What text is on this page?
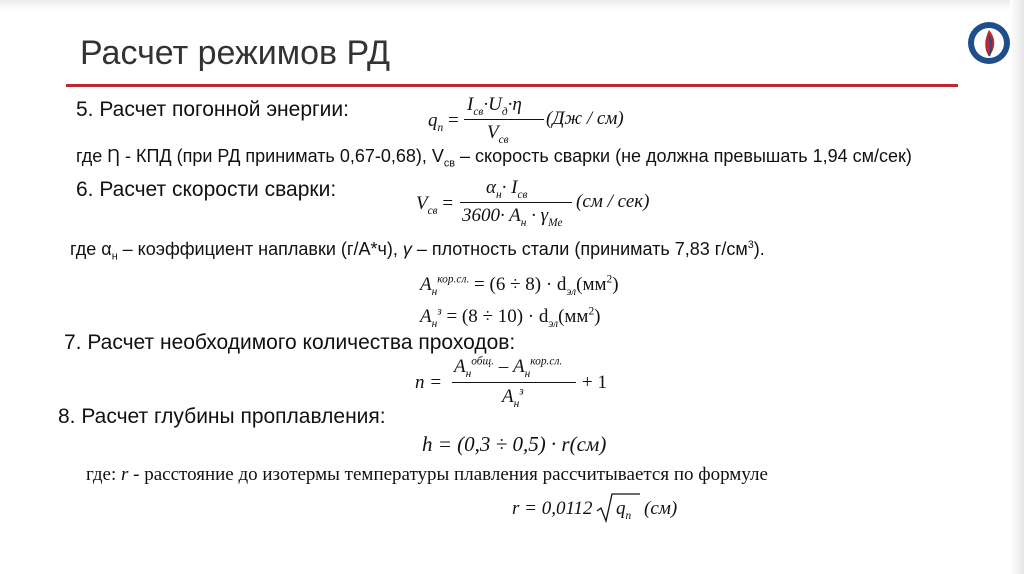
Расчет режимов РД
5. Расчет погонной энергии:	$q_п$ =
$I_{св}\cdot U_д\cdot\eta$
$V_{св}$
(Дж / см)
где Ƞ - КПД (при РД принимать 0,67-0,68), $V_{св}$ – скорость сварки (не должна превышать 1,94 см/сек)
6. Расчет скорости сварки:
$V_{св}$ =
$\alpha_н\cdot I_{св}$
$3600\cdot A_н \cdot \gamma_{Ме}$
(см / сек)
где $\alpha_н$ – коэффициент наплавки (г/А*ч), γ – плотность стали (принимать 7,83 $г/см^3$).
$A_н^{кор.сл.} = (6 \div 8) \cdot d_{эл}(мм^2)$
$A_н^з = (8 \div 10) \cdot d_{эл}(мм^2)$
7. Расчет необходимого количества проходов:
n =
$A_н^{общ.} - A_н^{кор.сл.}$
$A_н^з$	+ 1
8. Расчет глубины проплавления:
h = (0,3 ÷ 0,5) · r(см)
где: r - расстояние до изотермы температуры плавления рассчитывается по формуле
r = 0,0112 $q_п$ (см)
